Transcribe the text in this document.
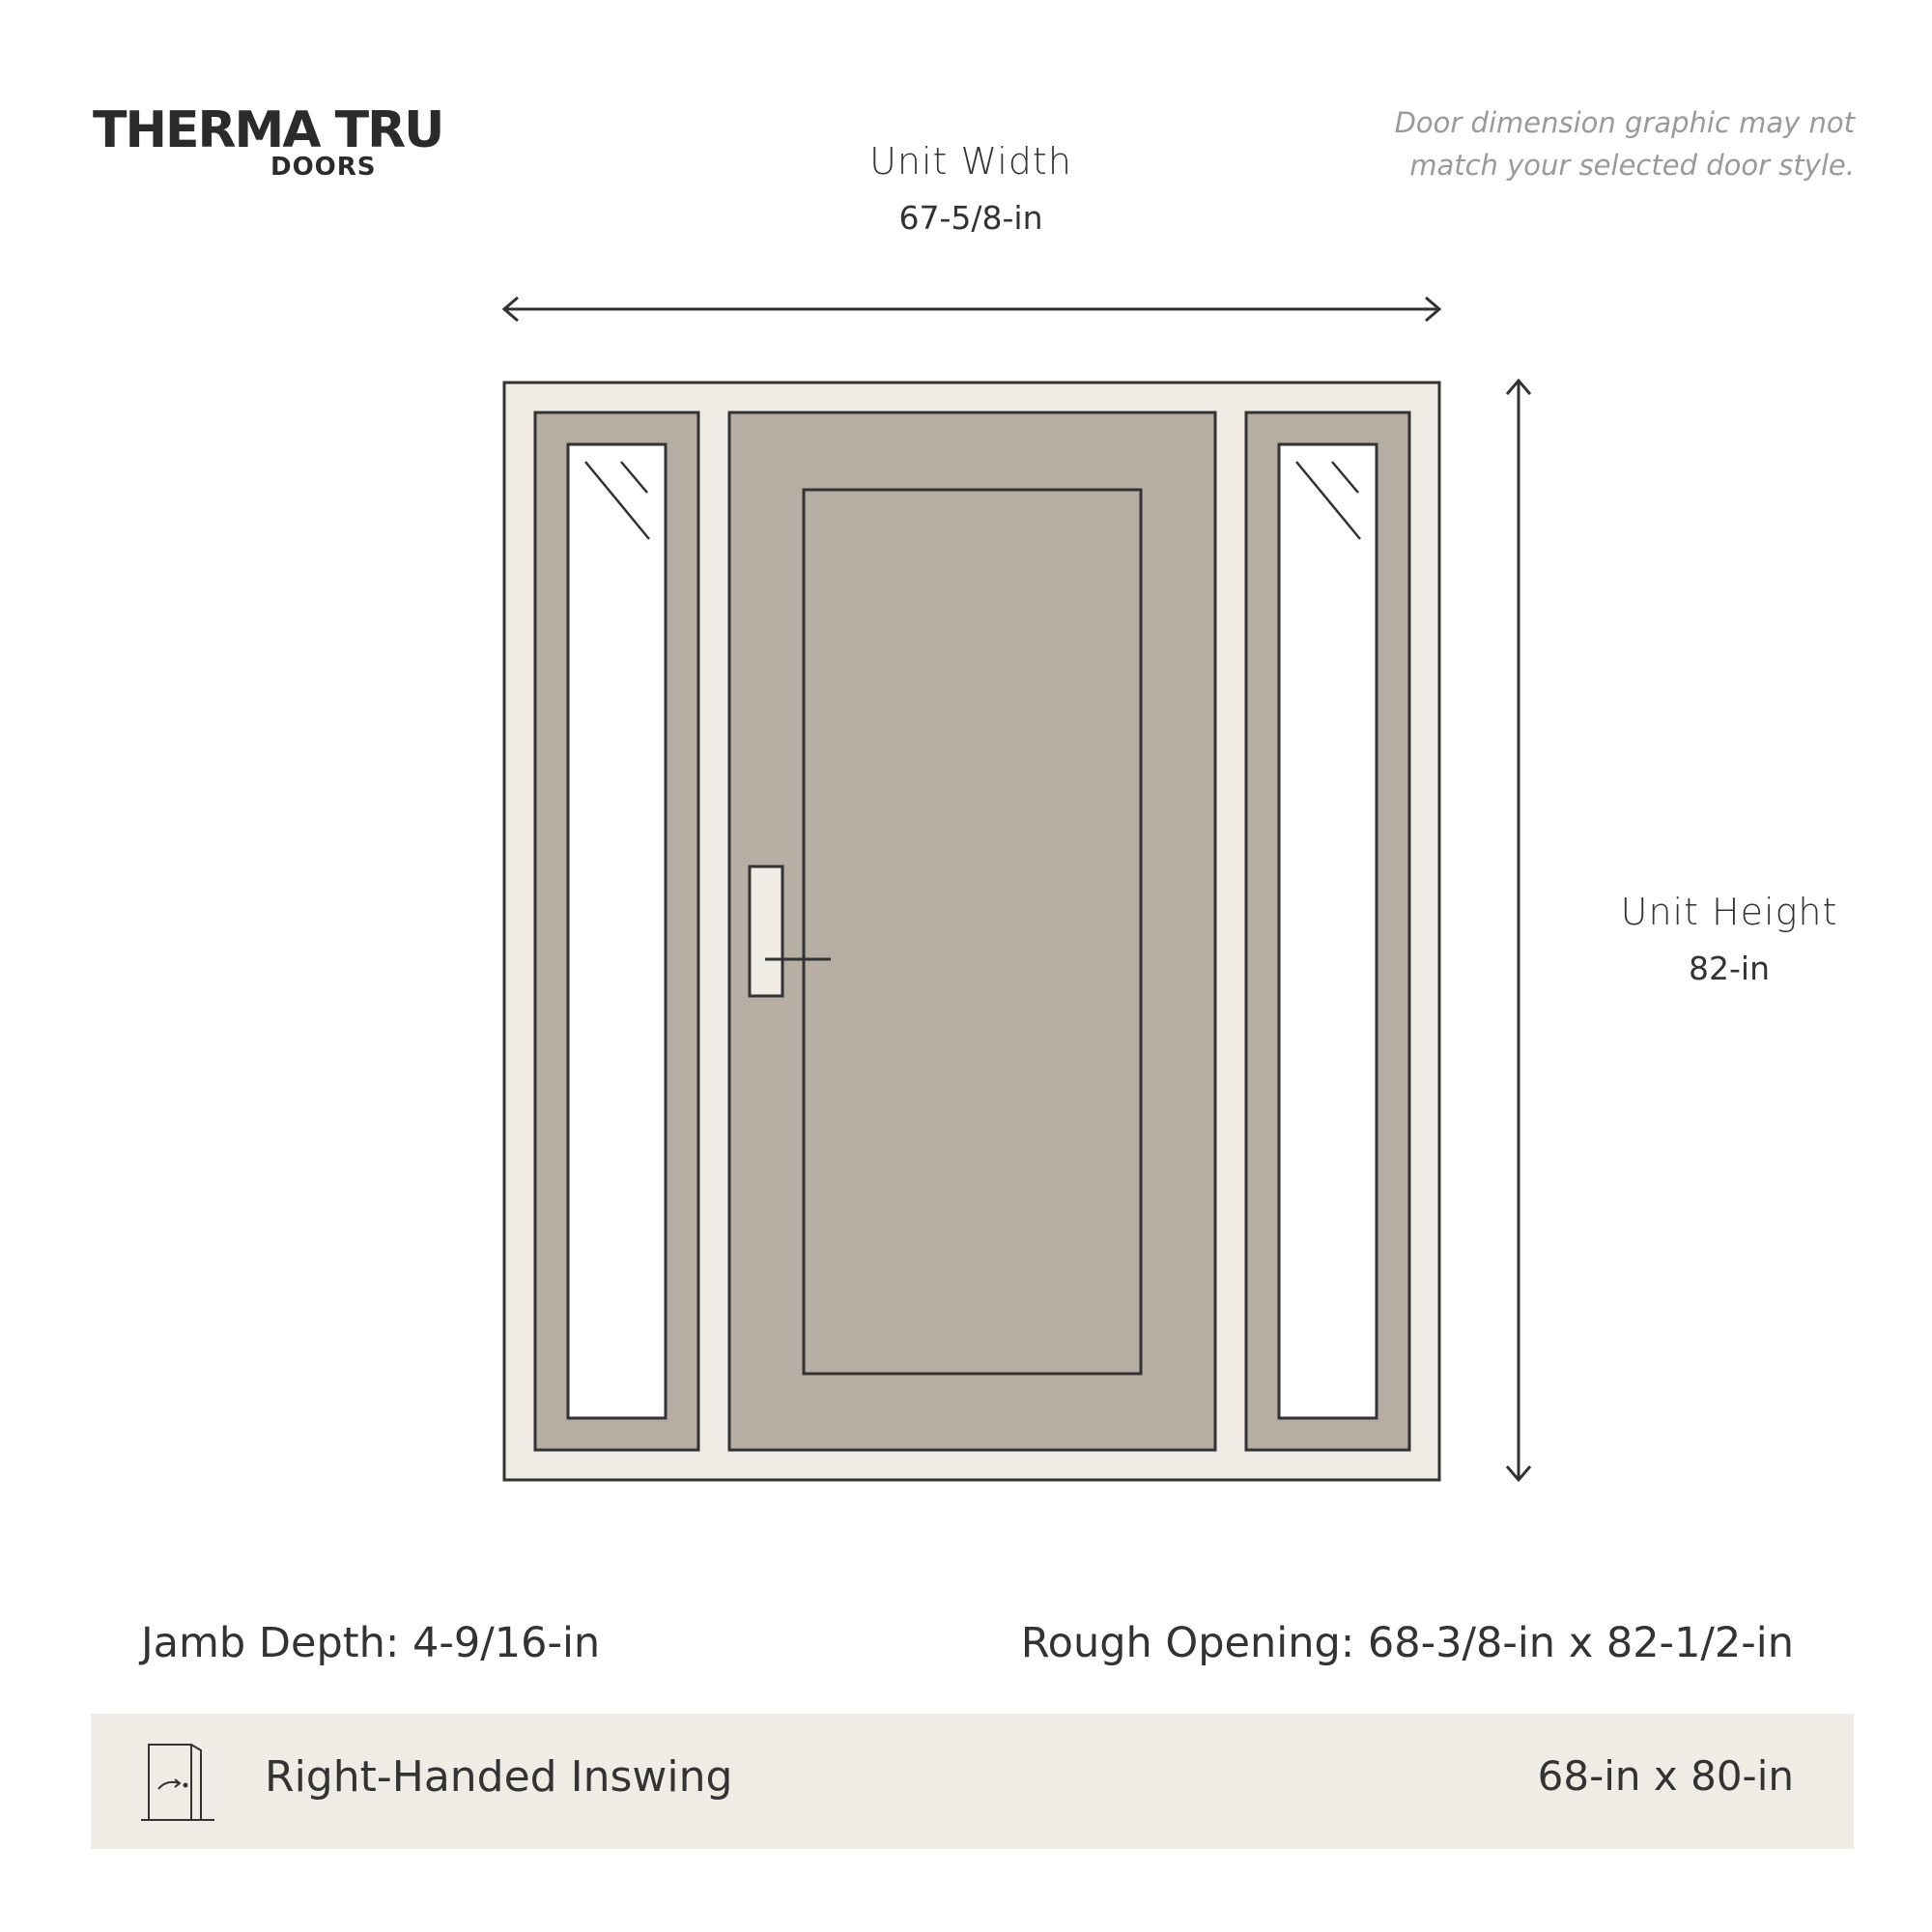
THERMA TRU
DOORS
Door dimension graphic may not
match your selected door style.
Unit Width
67-5/8-in
Unit Height
82-in
Jamb Depth: 4-9/16-in	Rough Opening: 68-3/8-in x 82-1/2-in
Right-Handed Inswing	68-in x 80-in
